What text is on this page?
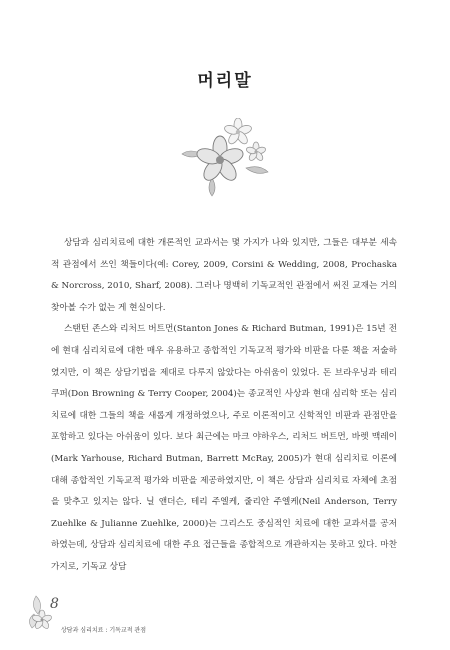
머리말

상담과 심리치료에 대한 개론적인 교과서는 몇 가지가 나와 있지만, 그들은 대부분 세속적 관점에서 쓰인 책들이다(예: Corey, 2009, Corsini & Wedding, 2008, Prochaska & Norcross, 2010, Sharf, 2008). 그러나 명백히 기독교적인 관점에서 써진 교재는 거의 찾아볼 수가 없는 게 현실이다.

스탠턴 존스와 리처드 버트먼(Stanton Jones & Richard Butman, 1991)은 15년 전에 현대 심리치료에 대한 매우 유용하고 종합적인 기독교적 평가와 비판을 다룬 책을 저술하였지만, 이 책은 상담기법을 제대로 다루지 않았다는 아쉬움이 있었다. 돈 브라우닝과 테리 쿠퍼(Don Browning & Terry Cooper, 2004)는 종교적인 사상과 현대 심리학 또는 심리치료에 대한 그들의 책을 새롭게 개정하였으나, 주로 이론적이고 신학적인 비판과 관점만을 포함하고 있다는 아쉬움이 있다. 보다 최근에는 마크 야하우스, 리처드 버트먼, 바렛 맥레이(Mark Yarhouse, Richard Butman, Barrett McRay, 2005)가 현대 심리치료 이론에 대해 종합적인 기독교적 평가와 비판을 제공하였지만, 이 책은 상담과 심리치료 자체에 초점을 맞추고 있지는 않다. 닐 앤더슨, 테리 주엘케, 줄리안 주엘케(Neil Anderson, Terry Zuehlke & Julianne Zuehlke, 2000)는 그리스도 중심적인 치료에 대한 교과서를 공저하였는데, 상담과 심리치료에 대한 주요 접근들을 종합적으로 개관하지는 못하고 있다. 마찬가지로, 기독교 상담

8
상담과 심리치료 : 기독교적 관점
